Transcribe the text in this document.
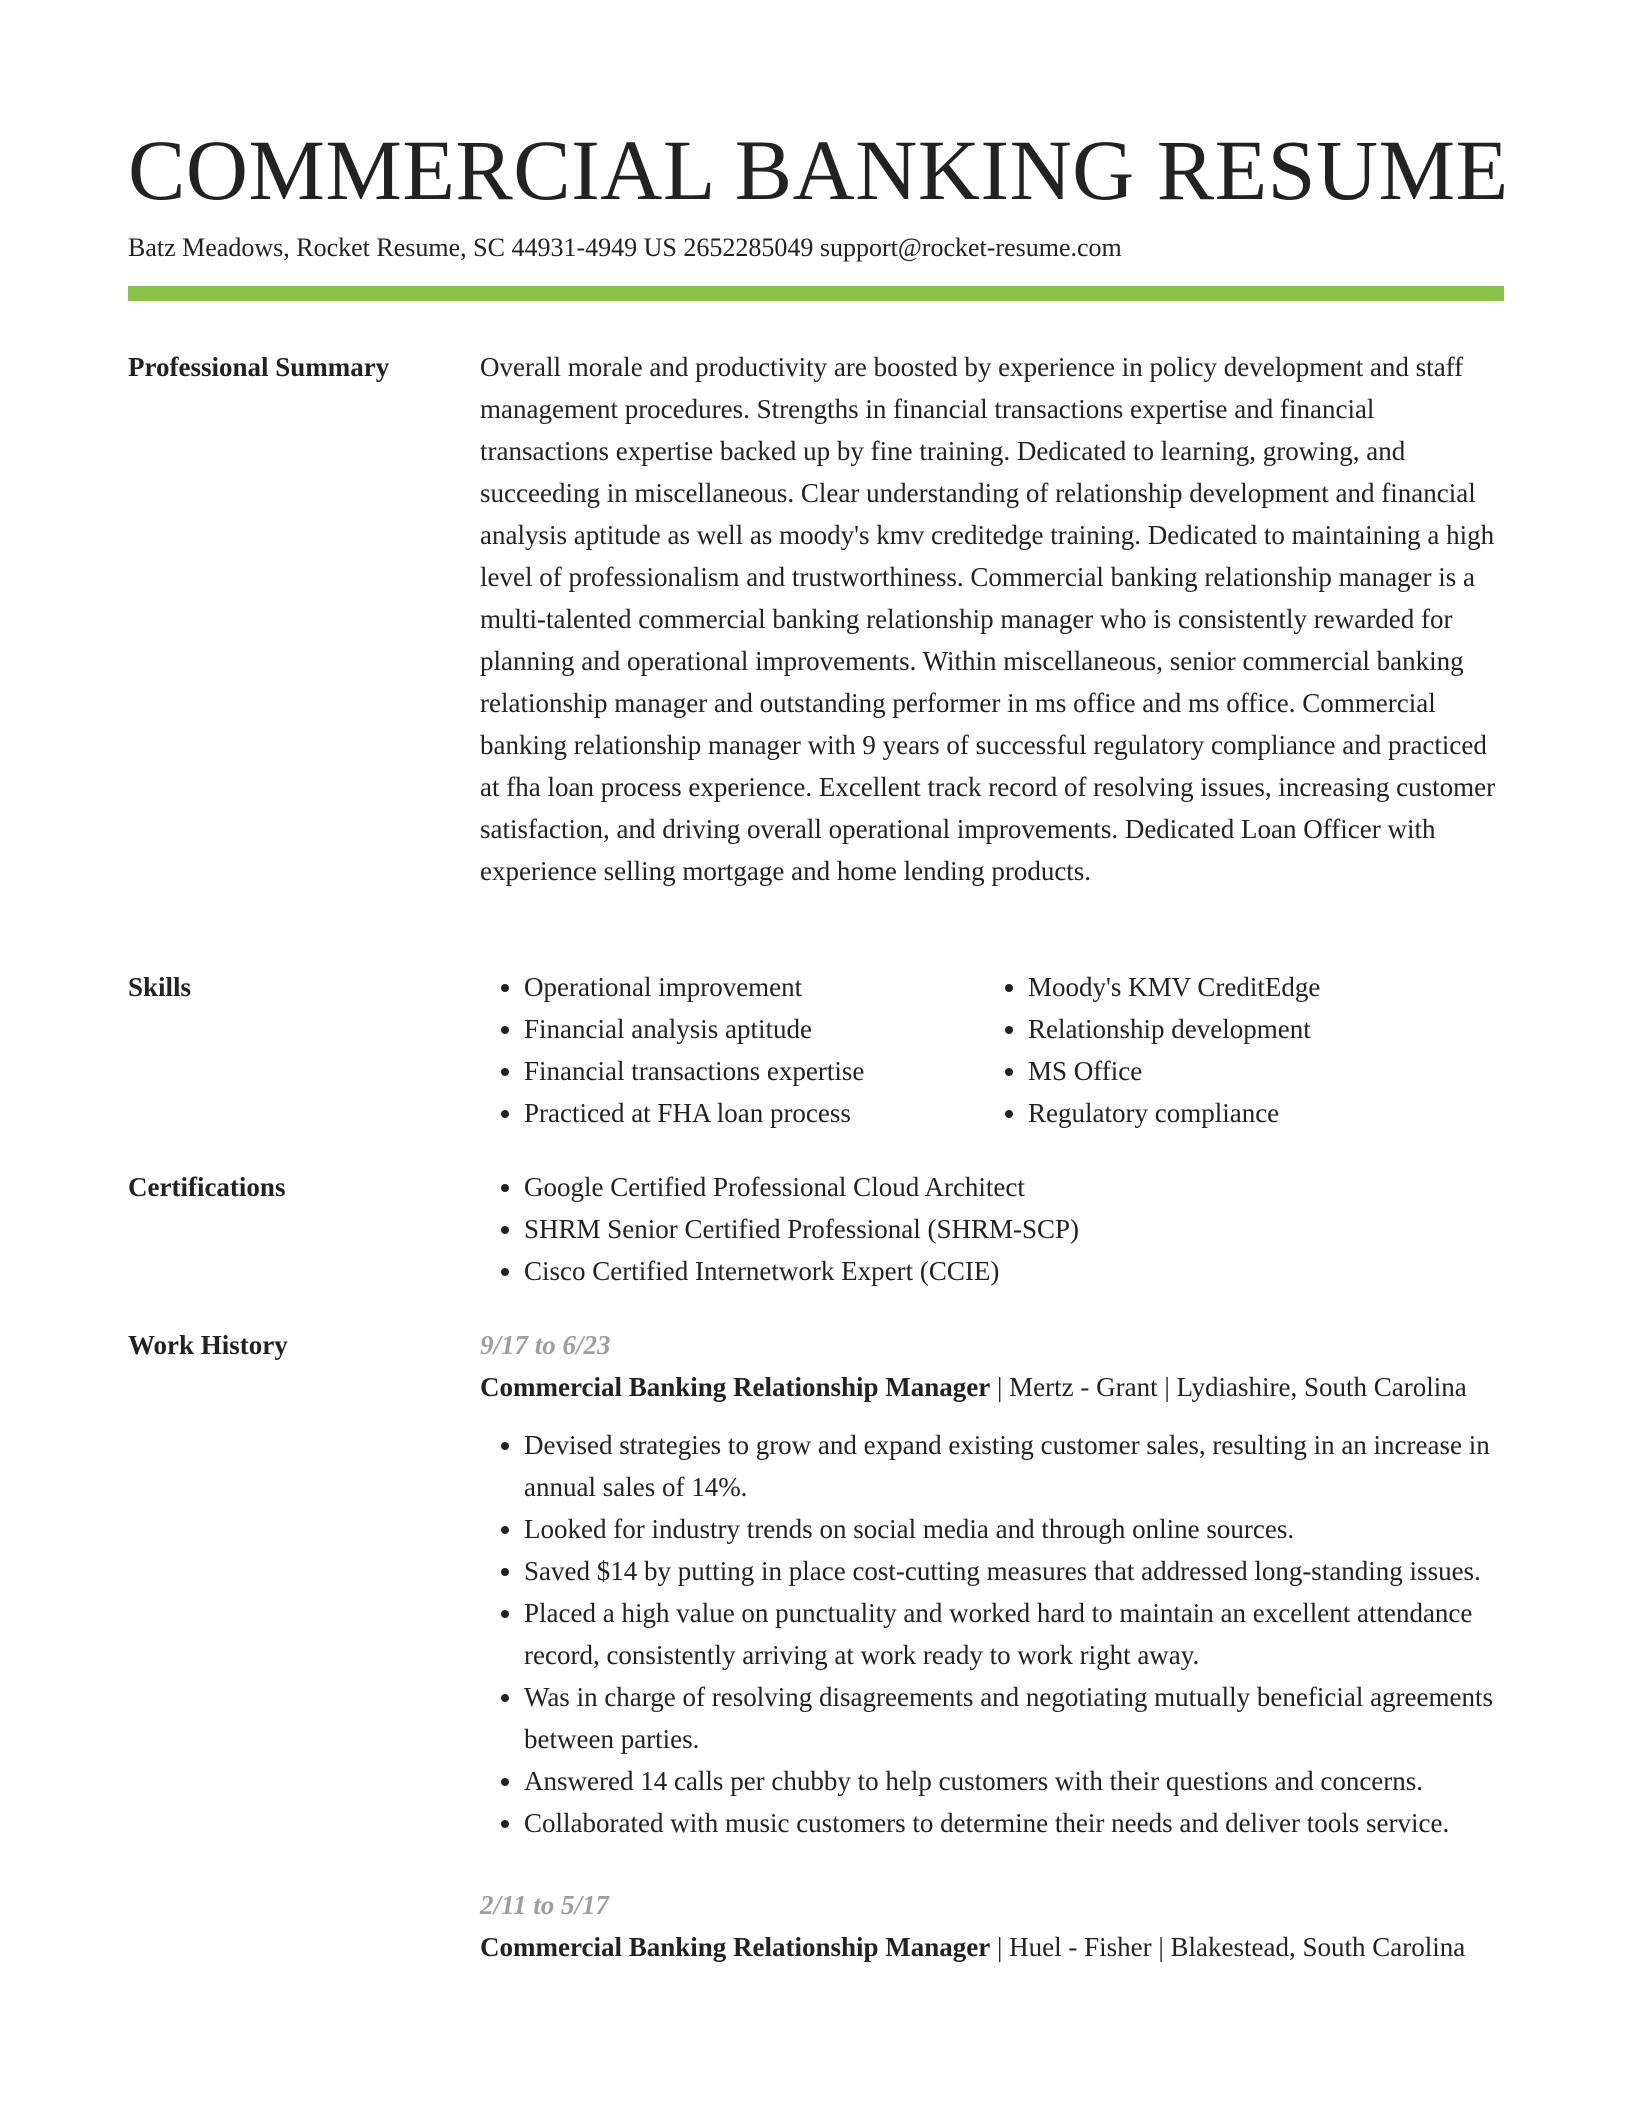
COMMERCIAL BANKING RESUME
Batz Meadows, Rocket Resume, SC 44931-4949 US 2652285049 support@rocket-resume.com
Professional Summary	Overall morale and productivity are boosted by experience in policy development and staff management procedures. Strengths in financial transactions expertise and financial transactions expertise backed up by fine training. Dedicated to learning, growing, and succeeding in miscellaneous. Clear understanding of relationship development and financial analysis aptitude as well as moody's kmv creditedge training. Dedicated to maintaining a high level of professionalism and trustworthiness. Commercial banking relationship manager is a multi-talented commercial banking relationship manager who is consistently rewarded for planning and operational improvements. Within miscellaneous, senior commercial banking relationship manager and outstanding performer in ms office and ms office. Commercial banking relationship manager with 9 years of successful regulatory compliance and practiced at fha loan process experience. Excellent track record of resolving issues, increasing customer satisfaction, and driving overall operational improvements. Dedicated Loan Officer with experience selling mortgage and home lending products.

Skills	• Operational improvement
• Financial analysis aptitude
• Financial transactions expertise
• Practiced at FHA loan process
• Moody's KMV CreditEdge
• Relationship development
• MS Office
• Regulatory compliance
Certifications	• Google Certified Professional Cloud Architect
• SHRM Senior Certified Professional (SHRM-SCP)
• Cisco Certified Internetwork Expert (CCIE)
Work History	9/17 to 6/23
Commercial Banking Relationship Manager | Mertz - Grant | Lydiashire, South Carolina
• Devised strategies to grow and expand existing customer sales, resulting in an increase in annual sales of 14%.
• Looked for industry trends on social media and through online sources.
• Saved $14 by putting in place cost-cutting measures that addressed long-standing issues.
• Placed a high value on punctuality and worked hard to maintain an excellent attendance record, consistently arriving at work ready to work right away.
• Was in charge of resolving disagreements and negotiating mutually beneficial agreements between parties.
• Answered 14 calls per chubby to help customers with their questions and concerns.
• Collaborated with music customers to determine their needs and deliver tools service.
2/11 to 5/17
Commercial Banking Relationship Manager | Huel - Fisher | Blakestead, South Carolina
